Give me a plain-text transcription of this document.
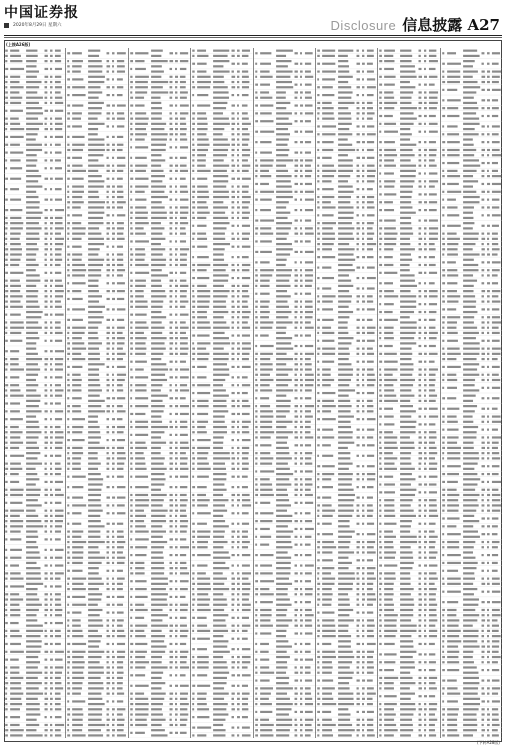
中国证券报
2020年8月29日 星期六	Disclosure 信息披露 A27
(上接A26版)
(下转A28版)
